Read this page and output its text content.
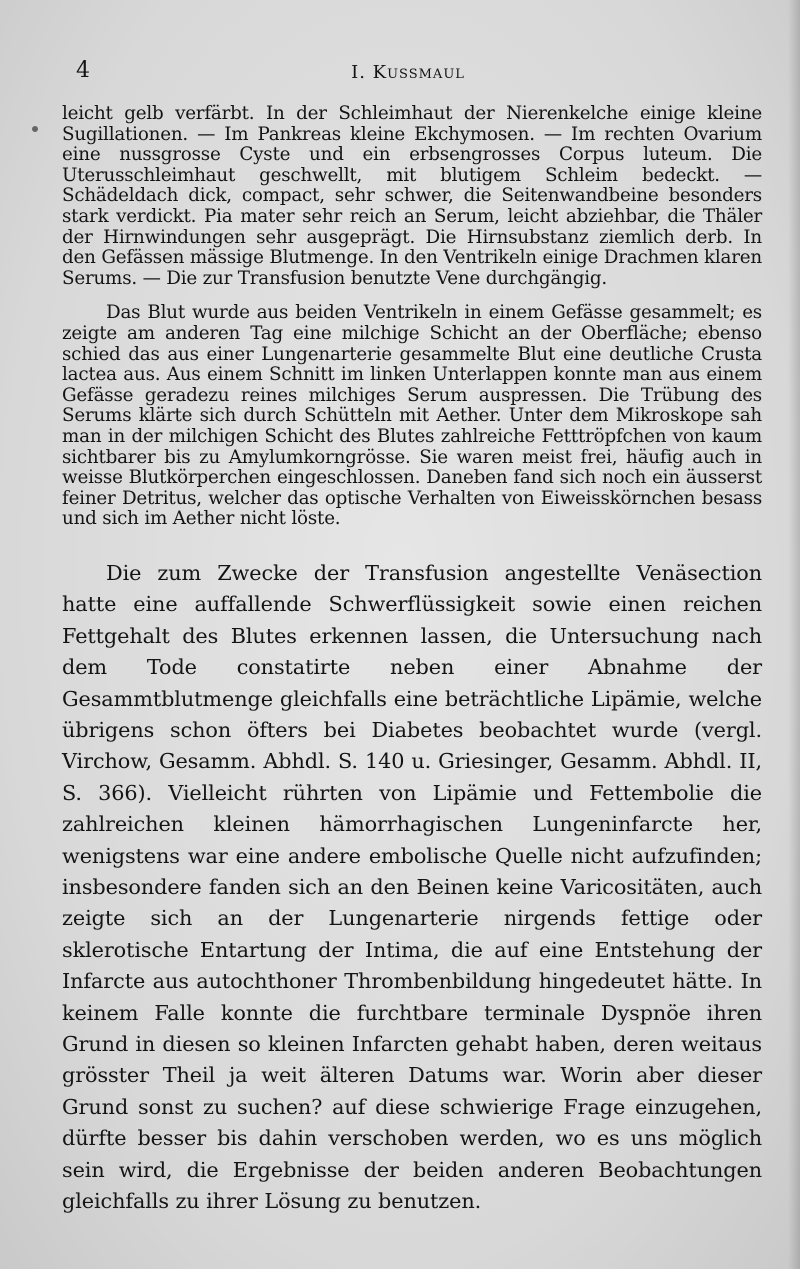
4	I. Kussmaul

leicht gelb verfärbt. In der Schleimhaut der Nierenkelche einige kleine Sugillationen. — Im Pankreas kleine Ekchymosen. — Im rechten Ovarium eine nussgrosse Cyste und ein erbsengrosses Corpus luteum. Die Uterusschleimhaut geschwellt, mit blutigem Schleim bedeckt. — Schädeldach dick, compact, sehr schwer, die Seitenwandbeine besonders stark verdickt. Pia mater sehr reich an Serum, leicht abziehbar, die Thäler der Hirnwindungen sehr ausgeprägt. Die Hirnsubstanz ziemlich derb. In den Gefässen mässige Blutmenge. In den Ventrikeln einige Drachmen klaren Serums. — Die zur Transfusion benutzte Vene durchgängig.

Das Blut wurde aus beiden Ventrikeln in einem Gefässe gesammelt; es zeigte am anderen Tag eine milchige Schicht an der Oberfläche; ebenso schied das aus einer Lungenarterie gesammelte Blut eine deutliche Crusta lactea aus. Aus einem Schnitt im linken Unterlappen konnte man aus einem Gefässe geradezu reines milchiges Serum auspressen. Die Trübung des Serums klärte sich durch Schütteln mit Aether. Unter dem Mikroskope sah man in der milchigen Schicht des Blutes zahlreiche Fetttröpfchen von kaum sichtbarer bis zu Amylumkorngrösse. Sie waren meist frei, häufig auch in weisse Blutkörperchen eingeschlossen. Daneben fand sich noch ein äusserst feiner Detritus, welcher das optische Verhalten von Eiweisskörnchen besass und sich im Aether nicht löste.

Die zum Zwecke der Transfusion angestellte Venäsection hatte eine auffallende Schwerflüssigkeit sowie einen reichen Fettgehalt des Blutes erkennen lassen, die Untersuchung nach dem Tode constatirte neben einer Abnahme der Gesammtblutmenge gleichfalls eine beträchtliche Lipämie, welche übrigens schon öfters bei Diabetes beobachtet wurde (vergl. Virchow, Gesamm. Abhdl. S. 140 u. Griesinger, Gesamm. Abhdl. II, S. 366). Vielleicht rührten von Lipämie und Fettembolie die zahlreichen kleinen hämorrhagischen Lungeninfarcte her, wenigstens war eine andere embolische Quelle nicht aufzufinden; insbesondere fanden sich an den Beinen keine Varicositäten, auch zeigte sich an der Lungenarterie nirgends fettige oder sklerotische Entartung der Intima, die auf eine Entstehung der Infarcte aus autochthoner Thrombenbildung hingedeutet hätte. In keinem Falle konnte die furchtbare terminale Dyspnöe ihren Grund in diesen so kleinen Infarcten gehabt haben, deren weitaus grösster Theil ja weit älteren Datums war. Worin aber dieser Grund sonst zu suchen? auf diese schwierige Frage einzugehen, dürfte besser bis dahin verschoben werden, wo es uns möglich sein wird, die Ergebnisse der beiden anderen Beobachtungen gleichfalls zu ihrer Lösung zu benutzen.
